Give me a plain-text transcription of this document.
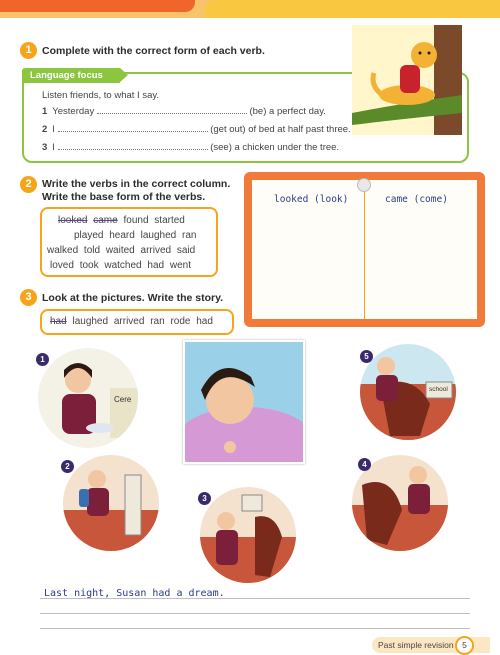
1 Complete with the correct form of each verb.
Language focus
Listen friends, to what I say.
1 Yesterday	(be) a perfect day.
2 I	(get out) of bed at half past three.
3 I	(see) a chicken under the tree.
2 Write the verbs in the correct column.
Write the base form of the verbs.
looked came found started
played heard laughed ran
walked told waited arrived said
loved took watched had went
looked (look)	came (come)
3 Look at the pictures. Write the story.
had laughed arrived ran rode had
Cere
1
2
3
4
school
5
Last night, Susan had a dream.
Past simple revision	5
